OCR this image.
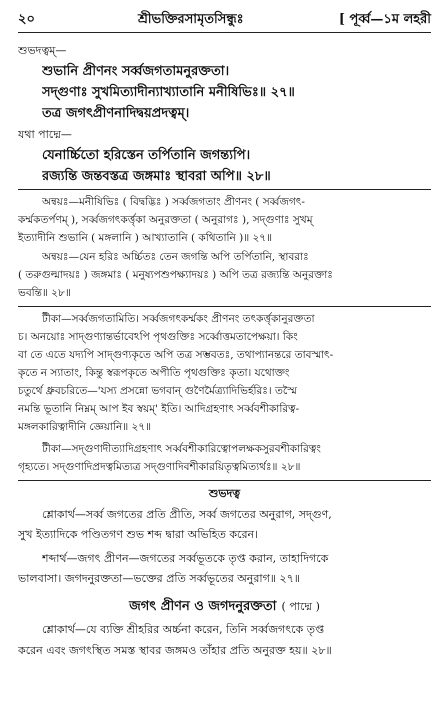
২০	শ্রীভক্তিরসামৃতসিন্ধুঃ	[ পূর্ব্ব—১ম লহরী
শুভদত্বম্—
শুভানি প্রীণনং সর্ব্বজগতামনুরক্ততা।
সদ্‌গুণাঃ সুখমিত্যাদীন্যাখ্যাতানি মনীষিভিঃ॥ ২৭॥
তত্র জগৎপ্রীণনাদিদ্বয়প্রদত্বম্।
যথা পাদ্মে—
যেনার্চ্চিতো হরিস্তেন তর্পিতানি জগন্ত্যপি।
রজ্যন্তি জন্তবস্তত্র জঙ্গমাঃ স্থাবরা অপি॥ ২৮॥
অন্বয়ঃ—মনীষিভিঃ ( বিদ্বদ্ভিঃ ) সর্ব্বজগতাং প্রীণনং ( সর্ব্বজগৎ-
কর্ম্মকতর্পণম্ ), সর্ব্বজগৎকর্ত্তৃকা অনুরক্ততা ( অনুরাগঃ ), সদ্‌গুণাঃ সুখম্
ইত্যাদীনি শুভানি ( মঙ্গলানি ) আখ্যাতানি ( কথিতানি )॥ ২৭॥
অন্বয়ঃ—যেন হরিঃ অর্চ্চিতঃ তেন জগন্তি অপি তর্পিতানি, স্থাবরাঃ
( তরুগুল্মাদয়ঃ ) জঙ্গমাঃ ( মনুষ্যপশুপক্ষ্যাদয়ঃ ) অপি তত্র রজ্যন্তি অনুরক্তাঃ
ভবন্তি॥ ২৮॥
টীকা—সর্ব্বজগতামিতি। সর্ব্বজগৎকর্ম্মকং প্রীণনং তৎকর্ত্তৃকানুরক্ততা
চ। অনয়োঃ সাদ্‌গুণ্যান্তর্ভাবেঽপি পৃথগুক্তিঃ সর্ব্বোত্তমতাপেক্ষয়া। কিং
বা তে এতে যদ্যপি সাদ্‌গুণ্যকৃতে অপি তত্র সম্ভবতঃ, তথাপ্যানন্তরে তাবস্মাৎ-
কৃতে ন স্যাতাং, কিন্তু স্বরূপকৃতে অপীতি পৃথগুক্তিঃ কৃতা। যথোক্তং
চতুর্থে ধ্রুবচরিতে—'যস্য প্রসন্নো ভগবান্ গুণৈর্মৈত্র্যাদিভির্হরিঃ। তস্মৈ
নমন্তি ভূতানি নিম্নম্ আপ ইব স্বয়ম্' ইতি। আদিগ্রহণাৎ সর্ব্ববশীকারিত্ব-
মঙ্গলকারিত্বাদীনি জ্ঞেয়ানি॥ ২৭॥
টীকা—সদ্‌গুণাদীত্যাদিগ্রহণাৎ সর্ব্ববশীকারিত্বোপলক্ষকসুরবশীকারিত্বং
গৃহ্যতে। সদ্‌গুণাদিপ্রদত্বমিত্যত্র সদ্‌গুণাদিবশীকারয়িতৃত্বমিত্যর্থঃ॥ ২৮॥
শুভদত্ব
শ্লোকার্থ—সর্ব্ব জগতের প্রতি প্রীতি, সর্ব্ব জগতের অনুরাগ, সদ্‌গুণ,
সুখ ইত্যাদিকে পণ্ডিতগণ শুভ শব্দ দ্বারা অভিহিত করেন।
শব্দার্থ—জগৎ প্রীণন—জগতের সর্ব্বভূতকে তৃপ্ত করান, তাহাদিগকে
ভালবাসা। জগদনুরক্ততা—ভক্তের প্রতি সর্ব্বভূতের অনুরাগ॥ ২৭॥
জগৎ প্রীণন ও জগদনুরক্ততা ( পাদ্মে )
শ্লোকার্থ—যে ব্যক্তি শ্রীহরির অর্চ্চনা করেন, তিনি সর্ব্বজগৎকে তৃপ্ত
করেন এবং জগৎস্থিত সমস্ত স্থাবর জঙ্গমও তাঁহার প্রতি অনুরক্ত হয়॥ ২৮॥
